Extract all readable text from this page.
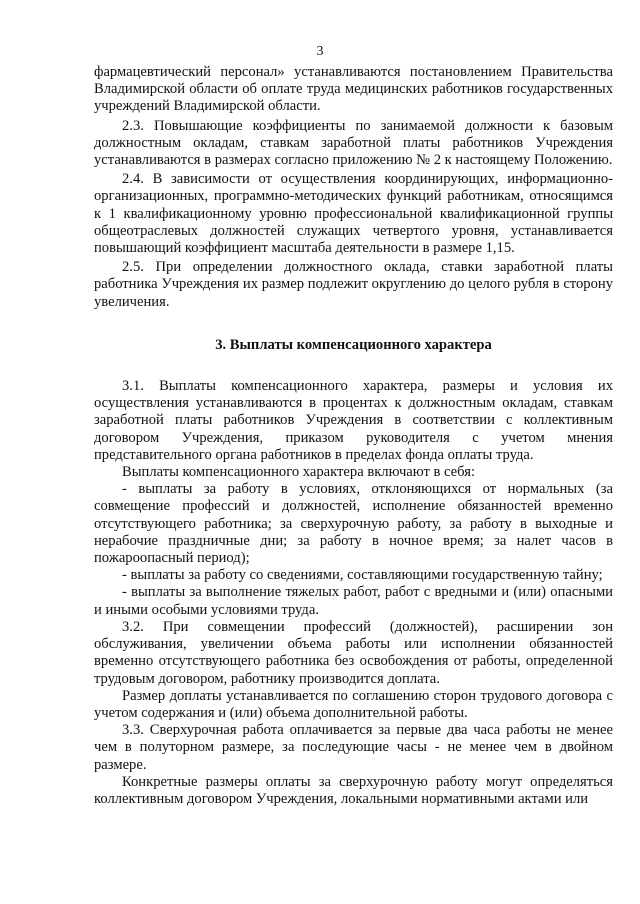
3

фармацевтический персонал» устанавливаются постановлением Правительства Владимирской области об оплате труда медицинских работников государственных учреждений Владимирской области.

2.3. Повышающие коэффициенты по занимаемой должности к базовым должностным окладам, ставкам заработной платы работников Учреждения устанавливаются в размерах согласно приложению № 2 к настоящему Положению.

2.4. В зависимости от осуществления координирующих, информационно-организационных, программно-методических функций работникам, относящимся к 1 квалификационному уровню профессиональной квалификационной группы общеотраслевых должностей служащих четвертого уровня, устанавливается повышающий коэффициент масштаба деятельности в размере 1,15.

2.5. При определении должностного оклада, ставки заработной платы работника Учреждения их размер подлежит округлению до целого рубля в сторону увеличения.

3. Выплаты компенсационного характера

3.1. Выплаты компенсационного характера, размеры и условия их осуществления устанавливаются в процентах к должностным окладам, ставкам заработной платы работников Учреждения в соответствии с коллективным договором Учреждения, приказом руководителя с учетом мнения представительного органа работников в пределах фонда оплаты труда.

Выплаты компенсационного характера включают в себя:

- выплаты за работу в условиях, отклоняющихся от нормальных (за совмещение профессий и должностей, исполнение обязанностей временно отсутствующего работника; за сверхурочную работу, за работу в выходные и нерабочие праздничные дни; за работу в ночное время; за налет часов в пожароопасный период);

- выплаты за работу со сведениями, составляющими государственную тайну;

- выплаты за выполнение тяжелых работ, работ с вредными и (или) опасными и иными особыми условиями труда.

3.2. При совмещении профессий (должностей), расширении зон обслуживания, увеличении объема работы или исполнении обязанностей временно отсутствующего работника без освобождения от работы, определенной трудовым договором, работнику производится доплата.

Размер доплаты устанавливается по соглашению сторон трудового договора с учетом содержания и (или) объема дополнительной работы.

3.3. Сверхурочная работа оплачивается за первые два часа работы не менее чем в полуторном размере, за последующие часы - не менее чем в двойном размере.

Конкретные размеры оплаты за сверхурочную работу могут определяться коллективным договором Учреждения, локальными нормативными актами или
